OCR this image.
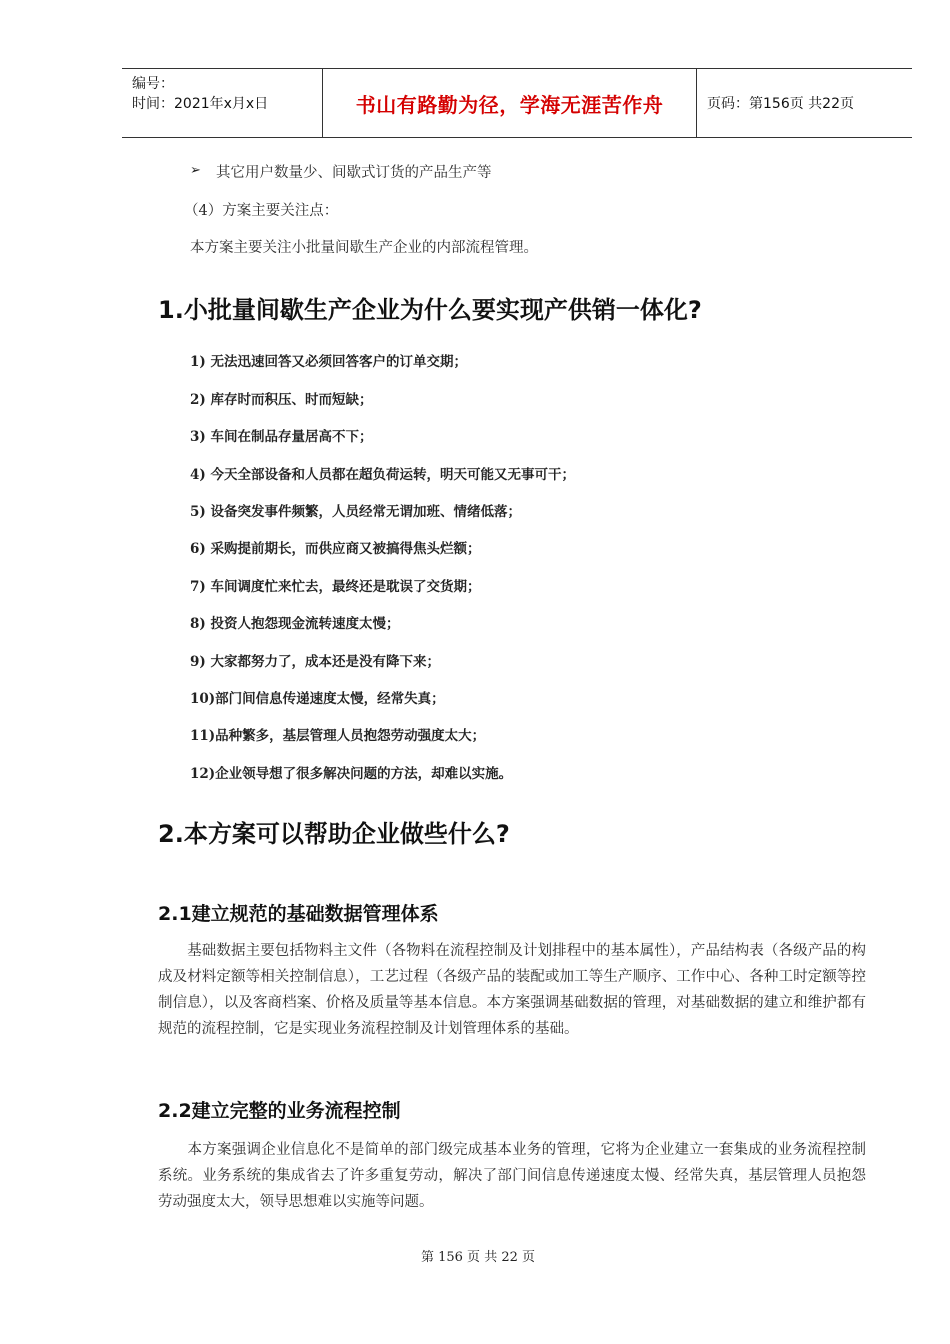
编号：
时间：2021年x月x日	书山有路勤为径，学海无涯苦作舟	页码：第156页 共22页
➢ 其它用户数量少、间歇式订货的产品生产等
（4）方案主要关注点：
本方案主要关注小批量间歇生产企业的内部流程管理。
1.小批量间歇生产企业为什么要实现产供销一体化?
1) 无法迅速回答又必须回答客户的订单交期；
2) 库存时而积压、时而短缺；
3) 车间在制品存量居高不下；
4) 今天全部设备和人员都在超负荷运转，明天可能又无事可干；
5) 设备突发事件频繁，人员经常无谓加班、情绪低落；
6) 采购提前期长，而供应商又被搞得焦头烂额；
7) 车间调度忙来忙去，最终还是耽误了交货期；
8) 投资人抱怨现金流转速度太慢；
9) 大家都努力了，成本还是没有降下来；
10)部门间信息传递速度太慢，经常失真；
11)品种繁多，基层管理人员抱怨劳动强度太大；
12)企业领导想了很多解决问题的方法，却难以实施。
2.本方案可以帮助企业做些什么?
2.1建立规范的基础数据管理体系

　　基础数据主要包括物料主文件（各物料在流程控制及计划排程中的基本属性），产品结构表（各级产品的构成及材料定额等相关控制信息），工艺过程（各级产品的装配或加工等生产顺序、工作中心、各种工时定额等控制信息），以及客商档案、价格及质量等基本信息。本方案强调基础数据的管理，对基础数据的建立和维护都有规范的流程控制，它是实现业务流程控制及计划管理体系的基础。

2.2建立完整的业务流程控制

　　本方案强调企业信息化不是简单的部门级完成基本业务的管理，它将为企业建立一套集成的业务流程控制系统。业务系统的集成省去了许多重复劳动，解决了部门间信息传递速度太慢、经常失真，基层管理人员抱怨劳动强度太大，领导思想难以实施等问题。

第 156 页 共 22 页
